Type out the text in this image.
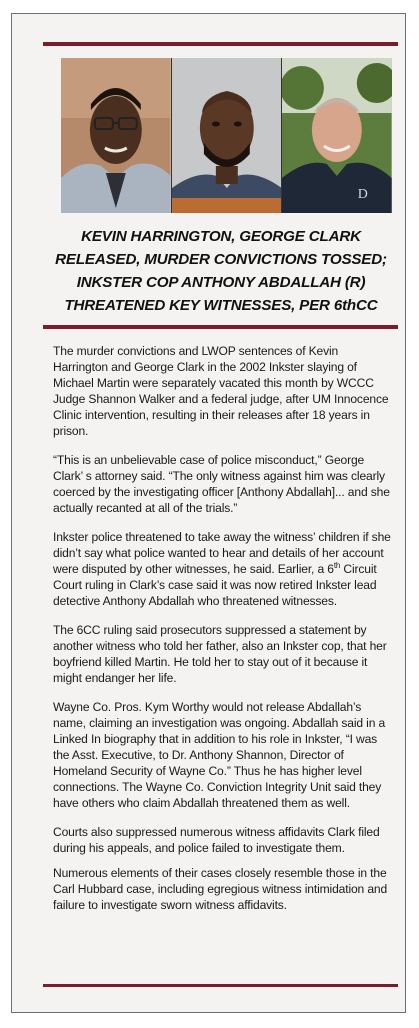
D
KEVIN HARRINGTON, GEORGE CLARK
RELEASED, MURDER CONVICTIONS TOSSED;
INKSTER COP ANTHONY ABDALLAH (R)
THREATENED KEY WITNESSES, PER 6thCC

The murder convictions and LWOP sentences of Kevin Harrington and George Clark in the 2002 Inkster slaying of Michael Martin were separately vacated this month by WCCC Judge Shannon Walker and a federal judge, after UM Innocence Clinic intervention, resulting in their releases after 18 years in prison.

“This is an unbelievable case of police misconduct,” George Clark’ s attorney said. “The only witness against him was clearly coerced by the investigating officer [Anthony Abdallah]... and she actually recanted at all of the trials.”

Inkster police threatened to take away the witness’ children if she didn’t say what police wanted to hear and details of her account were disputed by other witnesses, he said. Earlier, a 6th Circuit Court ruling in Clark’s case said it was now retired Inkster lead detective Anthony Abdallah who threatened witnesses.

The 6CC ruling said prosecutors suppressed a statement by another witness who told her father, also an Inkster cop, that her boyfriend killed Martin. He told her to stay out of it because it might endanger her life.

Wayne Co. Pros. Kym Worthy would not release Abdallah’s name, claiming an investigation was ongoing. Abdallah said in a Linked In biography that in addition to his role in Inkster, “I was the Asst. Executive, to Dr. Anthony Shannon, Director of Homeland Security of Wayne Co.” Thus he has higher level connections. The Wayne Co. Conviction Integrity Unit said they have others who claim Abdallah threatened them as well.

Courts also suppressed numerous witness affidavits Clark filed during his appeals, and police failed to investigate them.

Numerous elements of their cases closely resemble those in the Carl Hubbard case, including egregious witness intimidation and failure to investigate sworn witness affidavits.
